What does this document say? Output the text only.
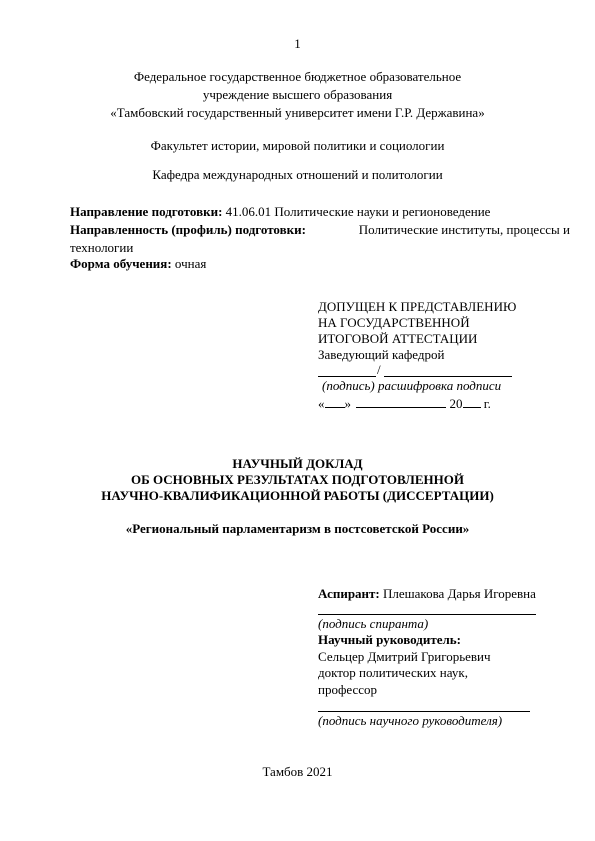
1
Федеральное государственное бюджетное образовательное
учреждение высшего образования
«Тамбовский государственный университет имени Г.Р. Державина»
Факультет истории, мировой политики и социологии
Кафедра международных отношений и политологии
Направление подготовки: 41.06.01 Политические науки и регионоведение
Направленность (профиль) подготовки:	Политические институты, процессы и
технологии
Форма обучения: очная
ДОПУЩЕН К ПРЕДСТАВЛЕНИЮ
НА ГОСУДАРСТВЕННОЙ
ИТОГОВОЙ АТТЕСТАЦИИ
Заведующий кафедрой
/
(подпись) расшифровка подписи
« »	20 г.
НАУЧНЫЙ ДОКЛАД
ОБ ОСНОВНЫХ РЕЗУЛЬТАТАХ ПОДГОТОВЛЕННОЙ
НАУЧНО-КВАЛИФИКАЦИОННОЙ РАБОТЫ (ДИССЕРТАЦИИ)
«Региональный парламентаризм в постсоветской России»
Аспирант: Плешакова Дарья Игоревна
(подпись спиранта)
Научный руководитель:
Сельцер Дмитрий Григорьевич
доктор политических наук,
профессор
(подпись научного руководителя)
Тамбов 2021
